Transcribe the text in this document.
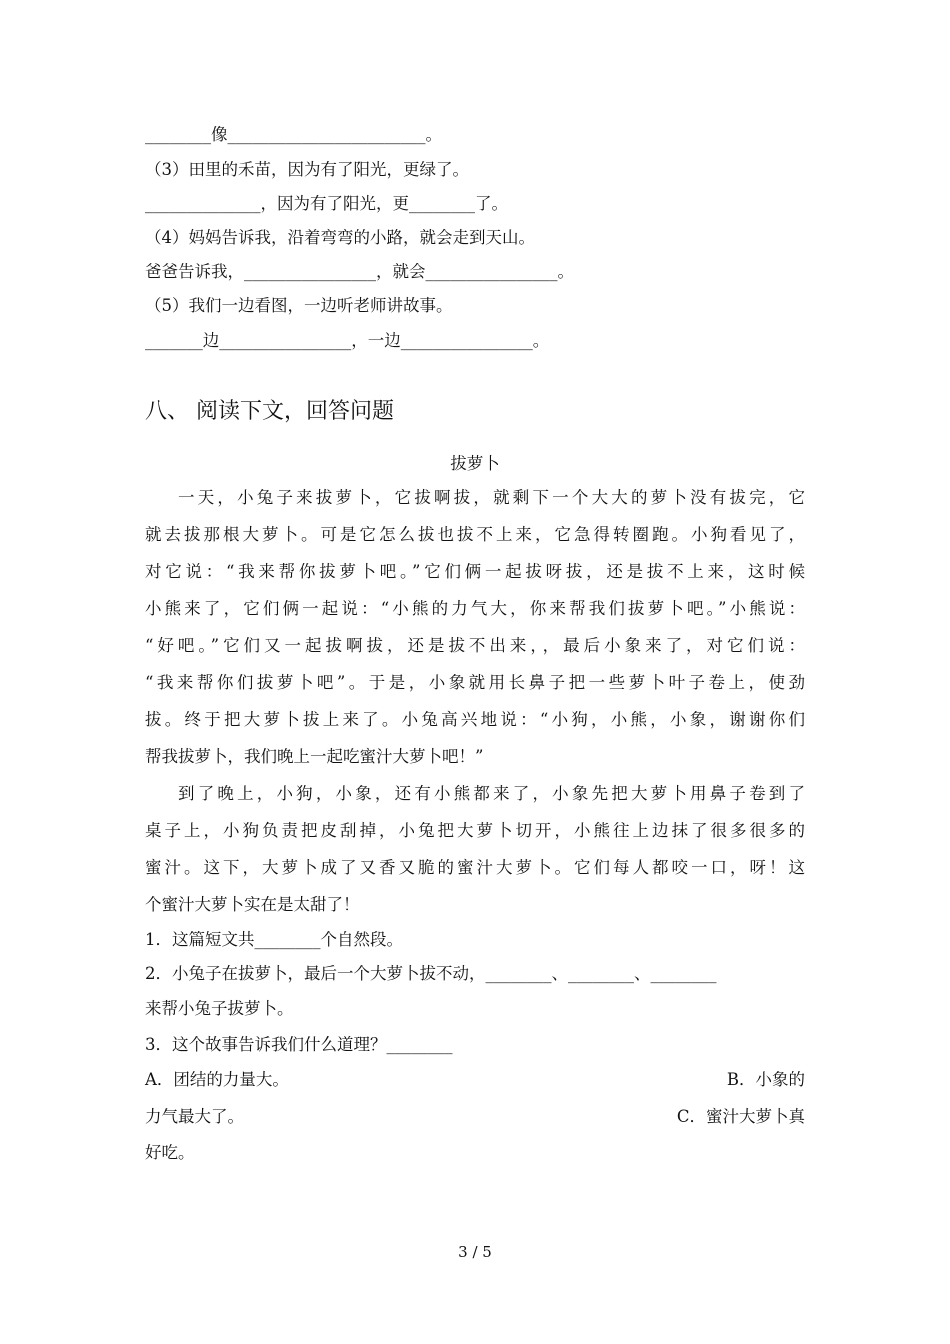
________像________________________。
（3）田里的禾苗，因为有了阳光，更绿了。
______________，因为有了阳光，更________了。
（4）妈妈告诉我，沿着弯弯的小路，就会走到天山。
爸爸告诉我，________________，就会________________。
（5）我们一边看图，一边听老师讲故事。
_______边________________，一边________________。
八、 阅读下文，回答问题
拔萝卜
一天，小兔子来拔萝卜，它拔啊拔，就剩下一个大大的萝卜没有拔完，它
就去拔那根大萝卜。可是它怎么拔也拔不上来，它急得转圈跑。小狗看见了，
对它说：“我来帮你拔萝卜吧。”它们俩一起拔呀拔，还是拔不上来，这时候
小熊来了，它们俩一起说：“小熊的力气大，你来帮我们拔萝卜吧。”小熊说：
“好吧。”它们又一起拔啊拔，还是拔不出来，，最后小象来了，对它们说：
“我来帮你们拔萝卜吧”。于是，小象就用长鼻子把一些萝卜叶子卷上，使劲
拔。终于把大萝卜拔上来了。小兔高兴地说：“小狗，小熊，小象，谢谢你们
帮我拔萝卜，我们晚上一起吃蜜汁大萝卜吧！”
到了晚上，小狗，小象，还有小熊都来了，小象先把大萝卜用鼻子卷到了
桌子上，小狗负责把皮刮掉，小兔把大萝卜切开，小熊往上边抹了很多很多的
蜜汁。这下，大萝卜成了又香又脆的蜜汁大萝卜。它们每人都咬一口，呀！这
个蜜汁大萝卜实在是太甜了！
1．这篇短文共________个自然段。
2．小兔子在拔萝卜，最后一个大萝卜拔不动，________、________、________
来帮小兔子拔萝卜。
3．这个故事告诉我们什么道理？________
A．团结的力量大。	B．小象的
力气最大了。	C．蜜汁大萝卜真
好吃。
3 / 5
